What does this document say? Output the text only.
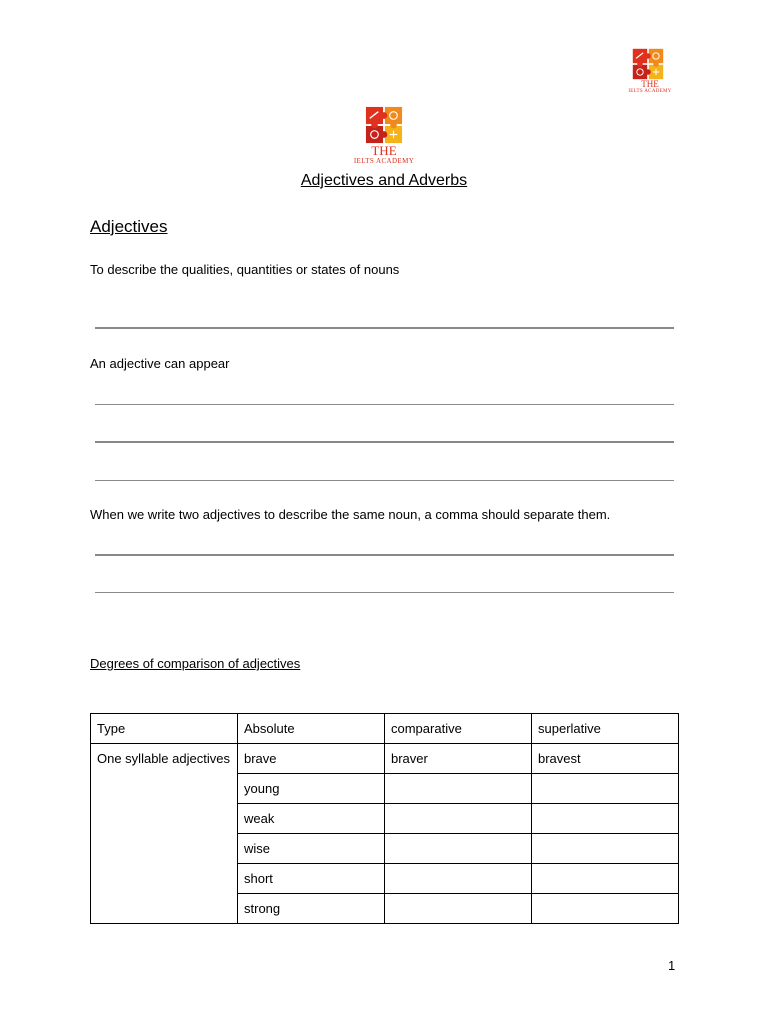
THE
IELTS ACADEMY
THE
IELTS ACADEMY
Adjectives and Adverbs
Adjectives
To describe the qualities, quantities or states of nouns
An adjective can appear
When we write two adjectives to describe the same noun, a comma should separate them.
Degrees of comparison of adjectives
Type	Absolute	comparative	superlative
One syllable adjectives	brave	braver	bravest
	young		
	weak		
	wise		
	short		
	strong		
1
